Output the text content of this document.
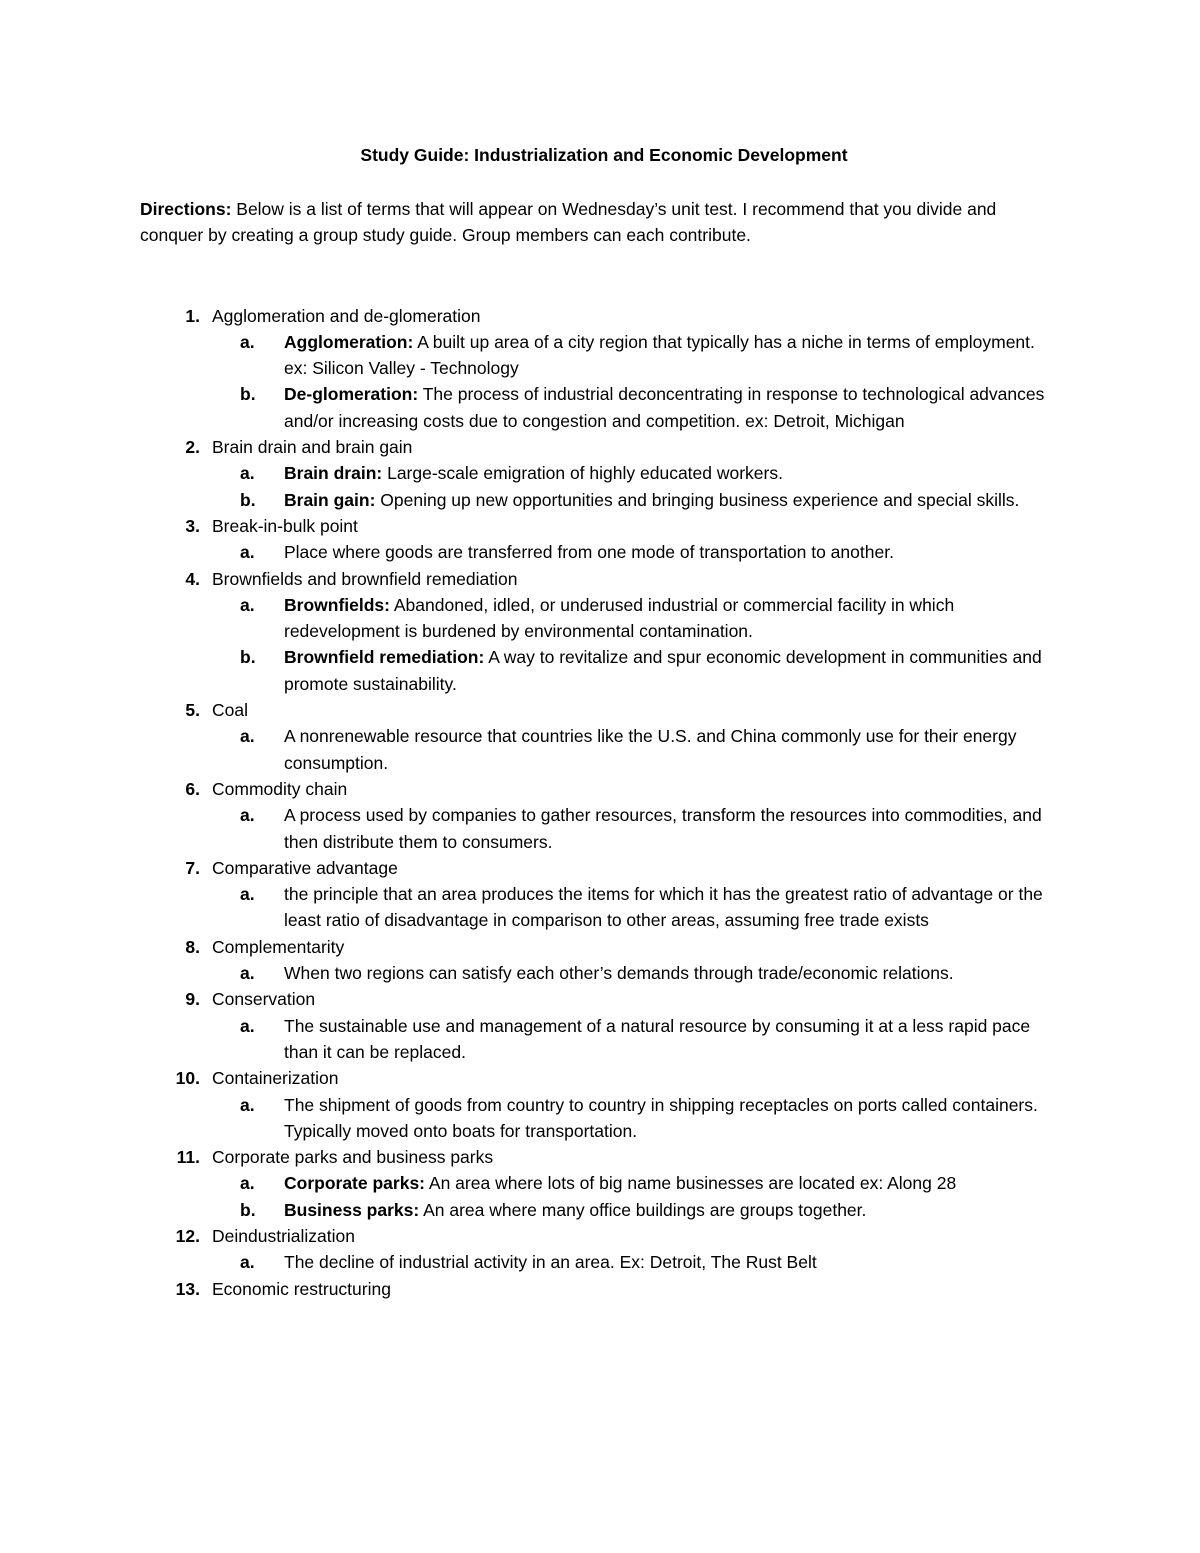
Study Guide: Industrialization and Economic Development

Directions: Below is a list of terms that will appear on Wednesday’s unit test. I recommend that you divide and conquer by creating a group study guide. Group members can each contribute.

1. Agglomeration and de-glomeration
a. Agglomeration: A built up area of a city region that typically has a niche in terms of employment. ex: Silicon Valley - Technology
b. De-glomeration: The process of industrial deconcentrating in response to technological advances and/or increasing costs due to congestion and competition. ex: Detroit, Michigan
2. Brain drain and brain gain
a. Brain drain: Large-scale emigration of highly educated workers.
b. Brain gain: Opening up new opportunities and bringing business experience and special skills.
3. Break-in-bulk point
a. Place where goods are transferred from one mode of transportation to another.
4. Brownfields and brownfield remediation
a. Brownfields: Abandoned, idled, or underused industrial or commercial facility in which redevelopment is burdened by environmental contamination.
b. Brownfield remediation: A way to revitalize and spur economic development in communities and promote sustainability.
5. Coal
a. A nonrenewable resource that countries like the U.S. and China commonly use for their energy consumption.
6. Commodity chain
a. A process used by companies to gather resources, transform the resources into commodities, and then distribute them to consumers.
7. Comparative advantage
a. the principle that an area produces the items for which it has the greatest ratio of advantage or the least ratio of disadvantage in comparison to other areas, assuming free trade exists
8. Complementarity
a. When two regions can satisfy each other’s demands through trade/economic relations.
9. Conservation
a. The sustainable use and management of a natural resource by consuming it at a less rapid pace than it can be replaced.
10. Containerization
a. The shipment of goods from country to country in shipping receptacles on ports called containers. Typically moved onto boats for transportation.
11. Corporate parks and business parks
a. Corporate parks: An area where lots of big name businesses are located ex: Along 28
b. Business parks: An area where many office buildings are groups together.
12. Deindustrialization
a. The decline of industrial activity in an area. Ex: Detroit, The Rust Belt
13. Economic restructuring
